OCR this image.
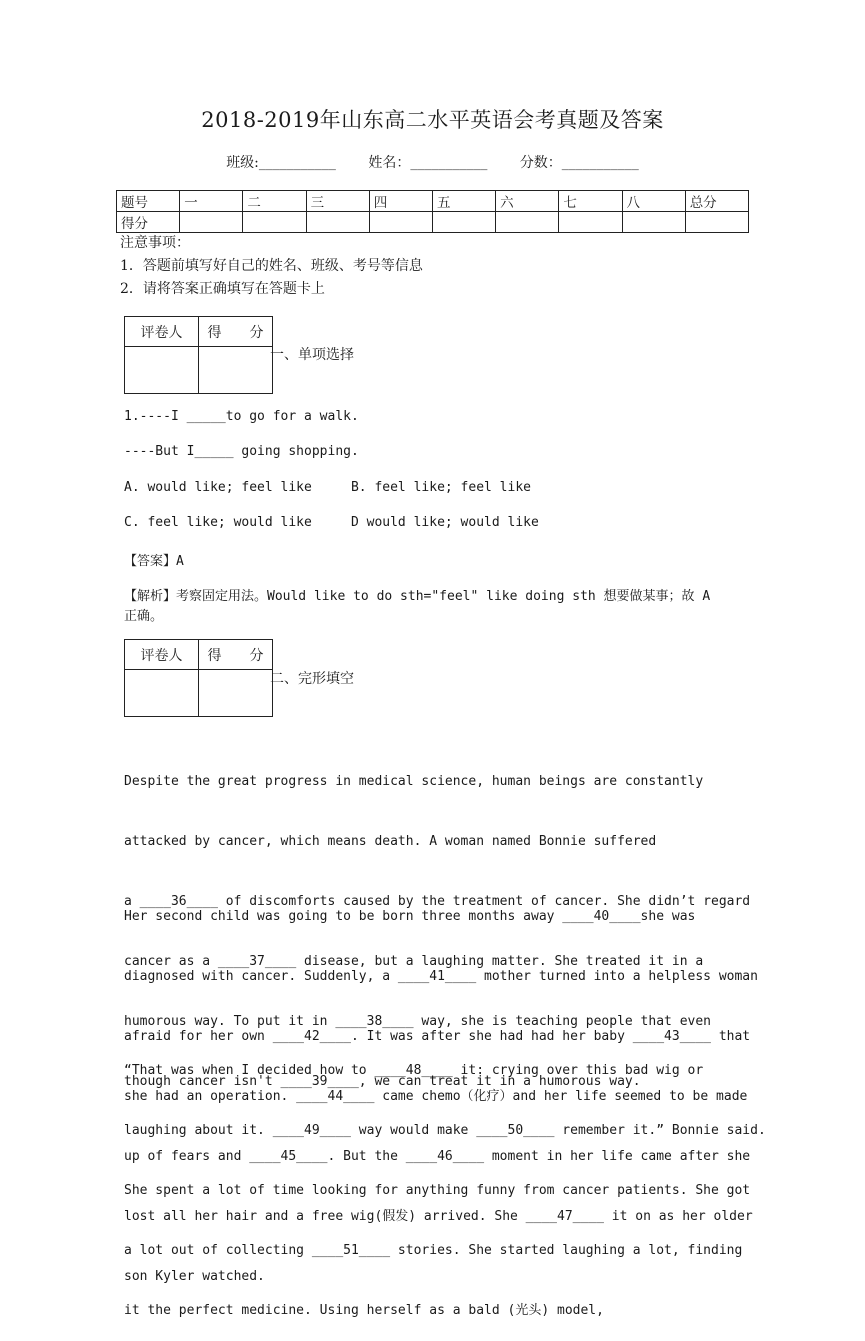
2018-2019年山东高二水平英语会考真题及答案
班级:___________ 姓名：___________ 分数：___________
题号	一	二	三	四	五	六	七	八	总分
得分									
注意事项：
1．答题前填写好自己的姓名、班级、考号等信息
2．请将答案正确填写在答题卡上
评卷人	得　　分

一、单项选择
1.----I _____to go for a walk.
----But I_____ going shopping.
A. would like; feel like     B. feel like; feel like
C. feel like; would like     D would like; would like
【答案】A
【解析】考察固定用法。Would like to do sth="feel" like doing sth 想要做某事；故 A
正确。
评卷人	得　　分

二、完形填空

Despite the great progress in medical science, human beings are constantly

attacked by cancer, which means death. A woman named Bonnie suffered

a ____36____ of discomforts caused by the treatment of cancer. She didn’t regard

cancer as a ____37____ disease, but a laughing matter. She treated it in a

humorous way. To put it in ____38____ way, she is teaching people that even

though cancer isn't ____39____, we can treat it in a humorous way.

Her second child was going to be born three months away ____40____she was

diagnosed with cancer. Suddenly, a ____41____ mother turned into a helpless woman

afraid for her own ____42____. It was after she had had her baby ____43____ that

she had an operation. ____44____ came chemo（化疗）and her life seemed to be made

up of fears and ____45____. But the ____46____ moment in her life came after she

lost all her hair and a free wig(假发) arrived. She ____47____ it on as her older

son Kyler watched.

“That was when I decided how to ____48____ it: crying over this bad wig or

laughing about it. ____49____ way would make ____50____ remember it.” Bonnie said.

She spent a lot of time looking for anything funny from cancer patients. She got

a lot out of collecting ____51____ stories. She started laughing a lot, finding

it the perfect medicine. Using herself as a bald (光头) model,
